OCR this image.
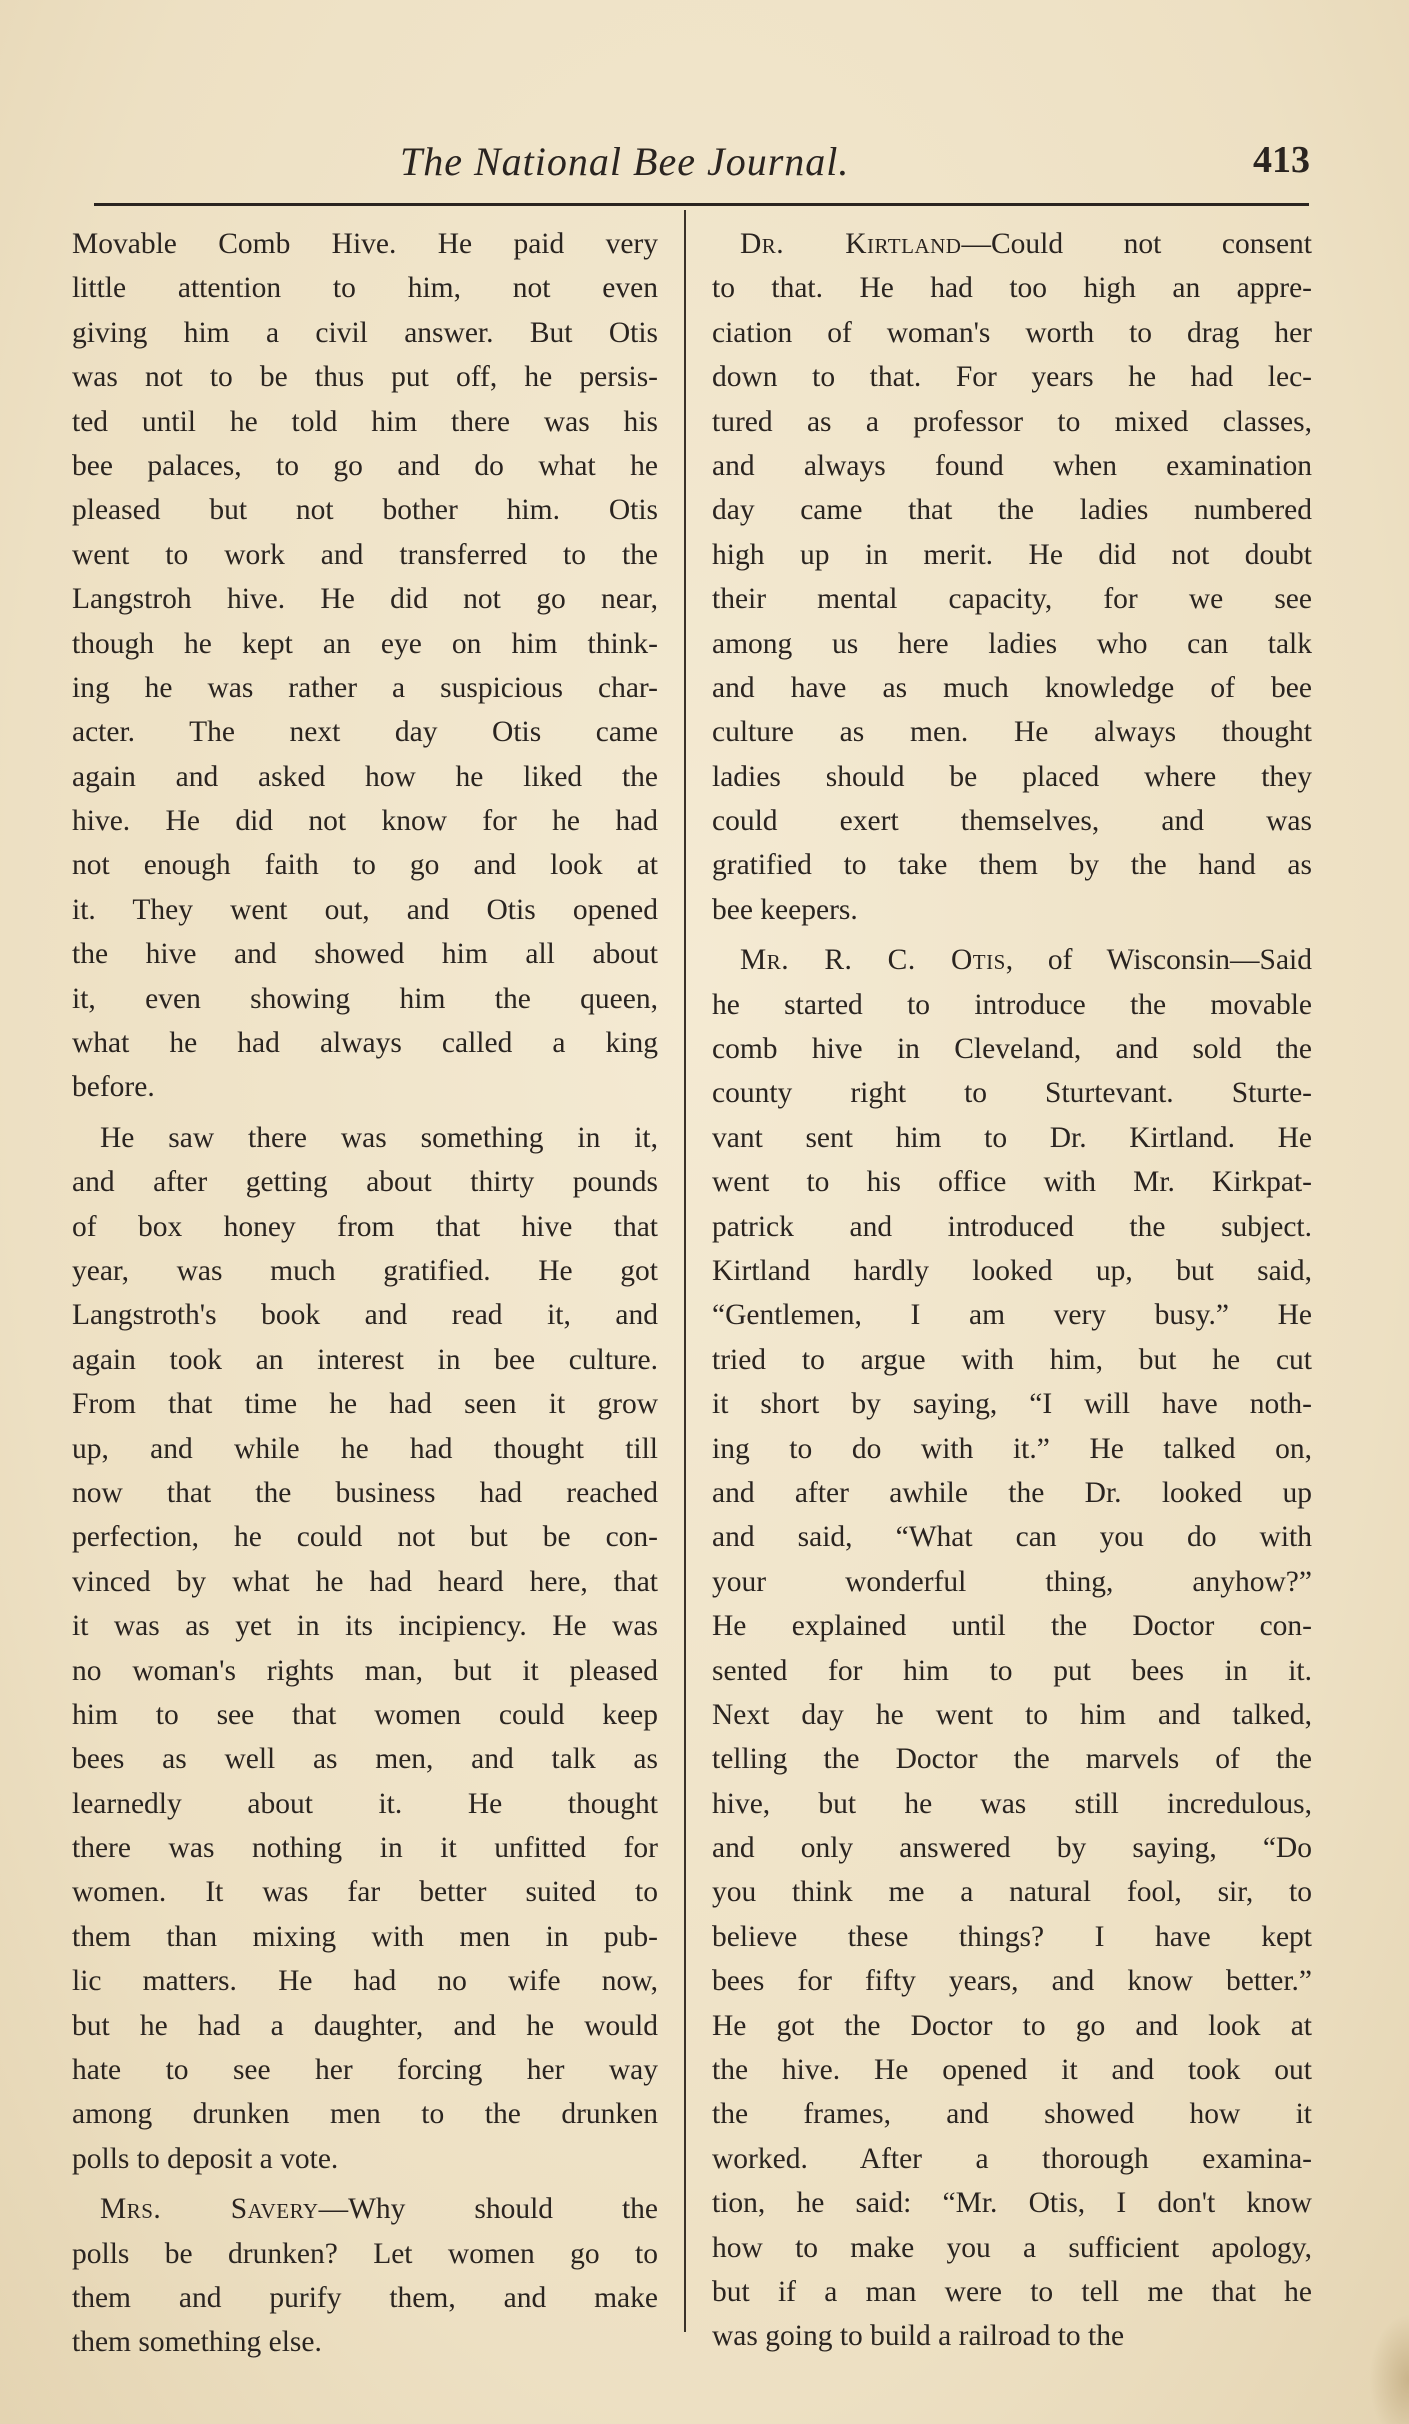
The National Bee Journal.	413
Movable Comb Hive. He paid very
little attention to him, not even
giving him a civil answer. But Otis
was not to be thus put off, he persis-
ted until he told him there was his
bee palaces, to go and do what he
pleased but not bother him. Otis
went to work and transferred to the
Langstroh hive. He did not go near,
though he kept an eye on him think-
ing he was rather a suspicious char-
acter. The next day Otis came
again and asked how he liked the
hive. He did not know for he had
not enough faith to go and look at
it. They went out, and Otis opened
the hive and showed him all about
it, even showing him the queen,
what he had always called a king
before.
He saw there was something in it,
and after getting about thirty pounds
of box honey from that hive that
year, was much gratified. He got
Langstroth's book and read it, and
again took an interest in bee culture.
From that time he had seen it grow
up, and while he had thought till
now that the business had reached
perfection, he could not but be con-
vinced by what he had heard here, that
it was as yet in its incipiency. He was
no woman's rights man, but it pleased
him to see that women could keep
bees as well as men, and talk as
learnedly about it. He thought
there was nothing in it unfitted for
women. It was far better suited to
them than mixing with men in pub-
lic matters. He had no wife now,
but he had a daughter, and he would
hate to see her forcing her way
among drunken men to the drunken
polls to deposit a vote.
Mrs. Savery—Why should the
polls be drunken? Let women go to
them and purify them, and make
them something else.
Dr. Kirtland—Could not consent
to that. He had too high an appre-
ciation of woman's worth to drag her
down to that. For years he had lec-
tured as a professor to mixed classes,
and always found when examination
day came that the ladies numbered
high up in merit. He did not doubt
their mental capacity, for we see
among us here ladies who can talk
and have as much knowledge of bee
culture as men. He always thought
ladies should be placed where they
could exert themselves, and was
gratified to take them by the hand as
bee keepers.
Mr. R. C. Otis, of Wisconsin—Said
he started to introduce the movable
comb hive in Cleveland, and sold the
county right to Sturtevant. Sturte-
vant sent him to Dr. Kirtland. He
went to his office with Mr. Kirkpat-
patrick and introduced the subject.
Kirtland hardly looked up, but said,
“Gentlemen, I am very busy.” He
tried to argue with him, but he cut
it short by saying, “I will have noth-
ing to do with it.” He talked on,
and after awhile the Dr. looked up
and said, “What can you do with
your wonderful thing, anyhow?”
He explained until the Doctor con-
sented for him to put bees in it.
Next day he went to him and talked,
telling the Doctor the marvels of the
hive, but he was still incredulous,
and only answered by saying, “Do
you think me a natural fool, sir, to
believe these things? I have kept
bees for fifty years, and know better.”
He got the Doctor to go and look at
the hive. He opened it and took out
the frames, and showed how it
worked. After a thorough examina-
tion, he said: “Mr. Otis, I don't know
how to make you a sufficient apology,
but if a man were to tell me that he
was going to build a railroad to the
